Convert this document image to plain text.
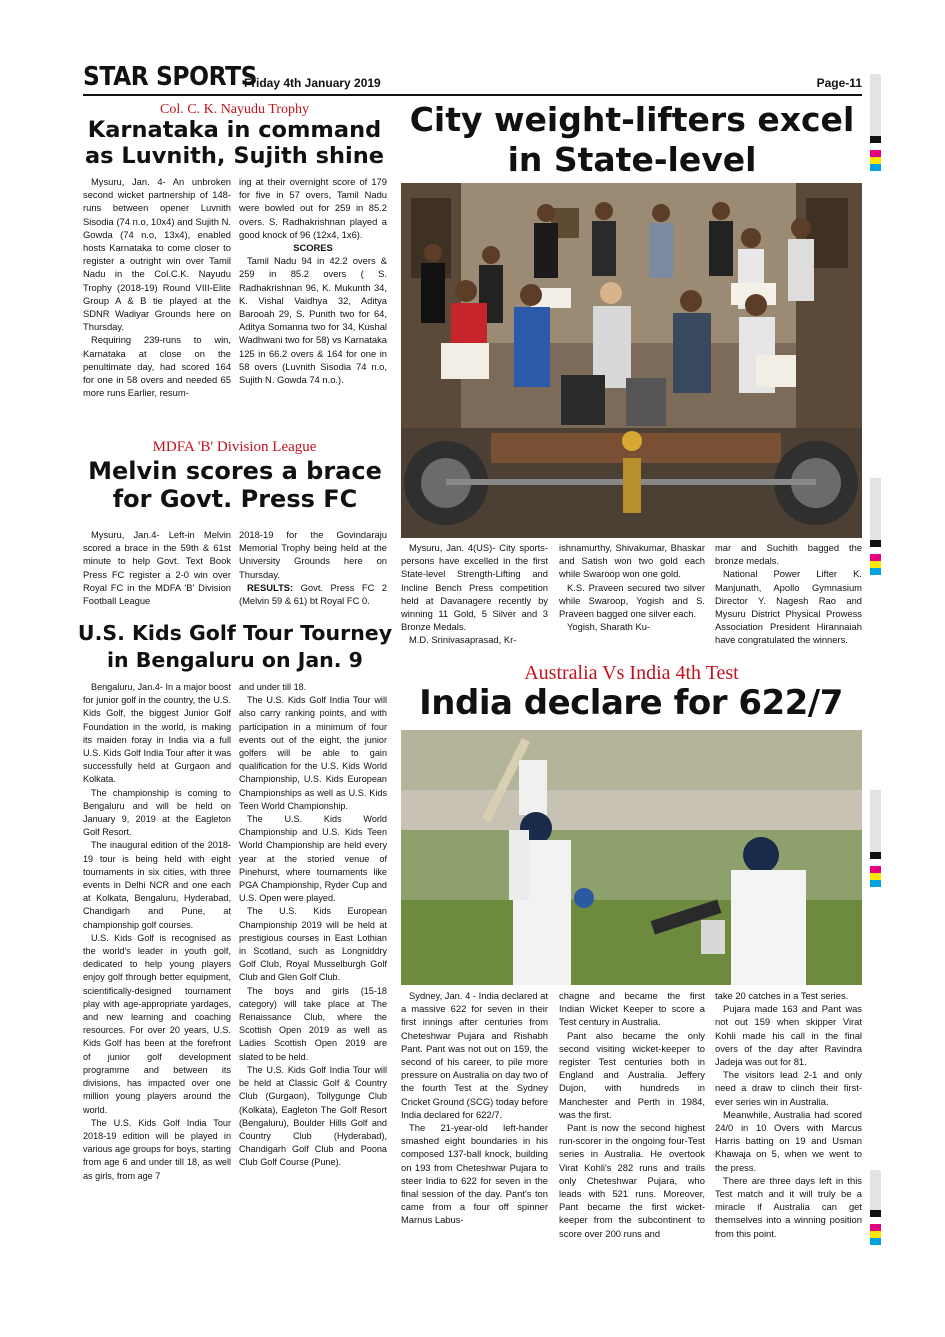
STAR SPORTS
Friday 4th January 2019	Page-11
Col. C. K. Nayudu Trophy
Karnataka in command as Luvnith, Sujith shine

Mysuru, Jan. 4- An unbroken second wicket partnership of 148-runs between opener Luvnith Sisodia (74 n.o, 10x4) and Sujith N. Gowda (74 n.o, 13x4), enabled hosts Karnataka to come closer to register a outright win over Tamil Nadu in the Col.C.K. Nayudu Trophy (2018-19) Round VIII-Elite Group A & B tie played at the SDNR Wadiyar Grounds here on Thursday.

Requiring 239-runs to win, Karnataka at close on the penultimate day, had scored 164 for one in 58 overs and needed 65 more runs Earlier, resum-

ing at their overnight score of 179 for five in 57 overs, Tamil Nadu were bowled out for 259 in 85.2 overs. S. Radhakrishnan played a good knock of 96 (12x4, 1x6).

SCORES

Tamil Nadu 94 in 42.2 overs & 259 in 85.2 overs ( S. Radhakrishnan 96, K. Mukunth 34, K. Vishal Vaidhya 32, Aditya Barooah 29, S. Punith two for 64, Aditya Somanna two for 34, Kushal Wadhwani two for 58) vs Karnataka 125 in 66.2 overs & 164 for one in 58 overs (Luvnith Sisodia 74 n.o, Sujith N. Gowda 74 n.o.).

MDFA 'B' Division League
Melvin scores a brace for Govt. Press FC

Mysuru, Jan.4- Left-in Melvin scored a brace in the 59th & 61st minute to help Govt. Text Book Press FC register a 2-0 win over Royal FC in the MDFA 'B' Division Football League

2018-19 for the Govindaraju Memorial Trophy being held at the University Grounds here on Thursday.

RESULTS: Govt. Press FC 2 (Melvin 59 & 61) bt Royal FC 0.

U.S. Kids Golf Tour Tourney in Bengaluru on Jan. 9

Bengaluru, Jan.4- In a major boost for junior golf in the country, the U.S. Kids Golf, the biggest Junior Golf Foundation in the world, is making its maiden foray in India via a full U.S. Kids Golf India Tour after it was successfully held at Gurgaon and Kolkata.

The championship is coming to Bengaluru and will be held on January 9, 2019 at the Eagleton Golf Resort.

The inaugural edition of the 2018-19 tour is being held with eight tournaments in six cities, with three events in Delhi NCR and one each at Kolkata, Bengaluru, Hyderabad, Chandigarh and Pune, at championship golf courses.

U.S. Kids Golf is recognised as the world's leader in youth golf, dedicated to help young players enjoy golf through better equipment, scientifically-designed tournament play with age-appropriate yardages, and new learning and coaching resources. For over 20 years, U.S. Kids Golf has been at the forefront of junior golf development programme and between its divisions, has impacted over one million young players around the world.

The U.S. Kids Golf India Tour 2018-19 edition will be played in various age groups for boys, starting from age 6 and under till 18, as well as girls, from age 7

and under till 18.

The U.S. Kids Golf India Tour will also carry ranking points, and with participation in a minimum of four events out of the eight, the junior golfers will be able to gain qualification for the U.S. Kids World Championship, U.S. Kids European Championships as well as U.S. Kids Teen World Championship.

The U.S. Kids World Championship and U.S. Kids Teen World Championship are held every year at the storied venue of Pinehurst, where tournaments like PGA Championship, Ryder Cup and U.S. Open were played.

The U.S. Kids European Championship 2019 will be held at prestigious courses in East Lothian in Scotland, such as Longniddry Golf Club, Royal Musselburgh Golf Club and Glen Golf Club.

The boys and girls (15-18 category) will take place at The Renaissance Club, where the Scottish Open 2019 as well as Ladies Scottish Open 2019 are slated to be held.

The U.S. Kids Golf India Tour will be held at Classic Golf & Country Club (Gurgaon), Tollygunge Club (Kolkata), Eagleton The Golf Resort (Bengaluru), Boulder Hills Golf and Country Club (Hyderabad), Chandigarh Golf Club and Poona Club Golf Course (Pune).

City weight-lifters excel in State-level

Mysuru, Jan. 4(US)- City sports-persons have excelled in the first State-level Strength-Lifting and Incline Bench Press competition held at Davanagere recently by winning 11 Gold, 5 Silver and 3 Bronze Medals.

M.D. Srinivasaprasad, Kr-

ishnamurthy, Shivakumar, Bhaskar and Satish won two gold each while Swaroop won one gold.

K.S. Praveen secured two silver while Swaroop, Yogish and S. Praveen bagged one silver each.

Yogish, Sharath Ku-

mar and Suchith bagged the bronze medals.

National Power Lifter K. Manjunath, Apollo Gymnasium Director Y. Nagesh Rao and Mysuru District Physical Prowess Association President Hirannaiah have congratulated the winners.

Australia Vs India 4th Test
India declare for 622/7

Sydney, Jan. 4 - India declared at a massive 622 for seven in their first innings after centuries from Cheteshwar Pujara and Rishabh Pant. Pant was not out on 159, the second of his career, to pile more pressure on Australia on day two of the fourth Test at the Sydney Cricket Ground (SCG) today before India declared for 622/7.

The 21-year-old left-hander smashed eight boundaries in his composed 137-ball knock, building on 193 from Cheteshwar Pujara to steer India to 622 for seven in the final session of the day. Pant's ton came from a four off spinner Marnus Labus-

chagne and became the first Indian Wicket Keeper to score a Test century in Australia.

Pant also became the only second visiting wicket-keeper to register Test centuries both in England and Australia. Jeffery Dujon, with hundreds in Manchester and Perth in 1984, was the first.

Pant is now the second highest run-scorer in the ongoing four-Test series in Australia. He overtook Virat Kohli's 282 runs and trails only Cheteshwar Pujara, who leads with 521 runs. Moreover, Pant became the first wicket-keeper from the subcontinent to score over 200 runs and

take 20 catches in a Test series.

Pujara made 163 and Pant was not out 159 when skipper Virat Kohli made his call in the final overs of the day after Ravindra Jadeja was out for 81.

The visitors lead 2-1 and only need a draw to clinch their first-ever series win in Australia.

Meanwhile, Australia had scored 24/0 in 10 Overs with Marcus Harris batting on 19 and Usman Khawaja on 5, when we went to the press.

There are three days left in this Test match and it will truly be a miracle if Australia can get themselves into a winning position from this point.
